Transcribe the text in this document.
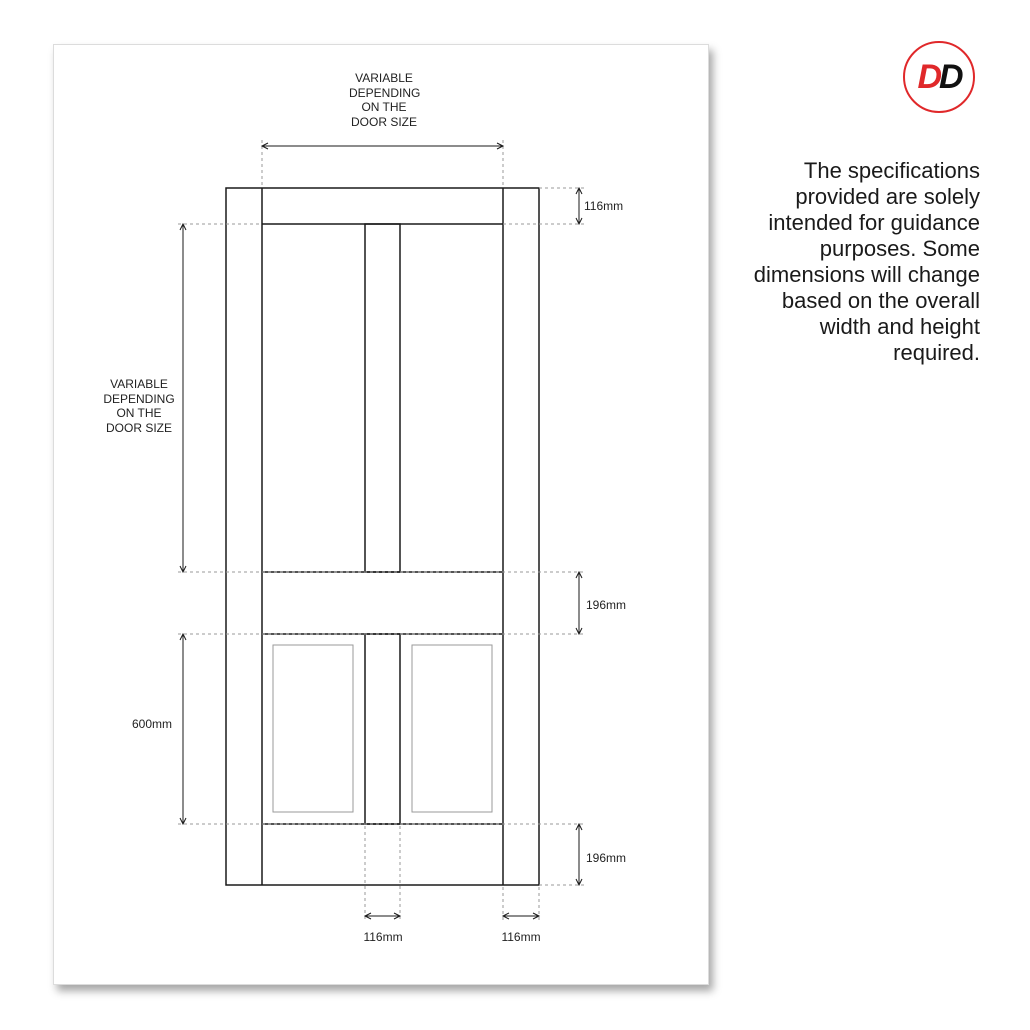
116mm
196mm
600mm
196mm
116mm	116mm
VARIABLE DEPENDING ON THE DOOR SIZE
VARIABLE DEPENDING ON THE DOOR SIZE
D D
The specifications provided are solely intended for guidance purposes. Some dimensions will change based on the overall width and height required.
